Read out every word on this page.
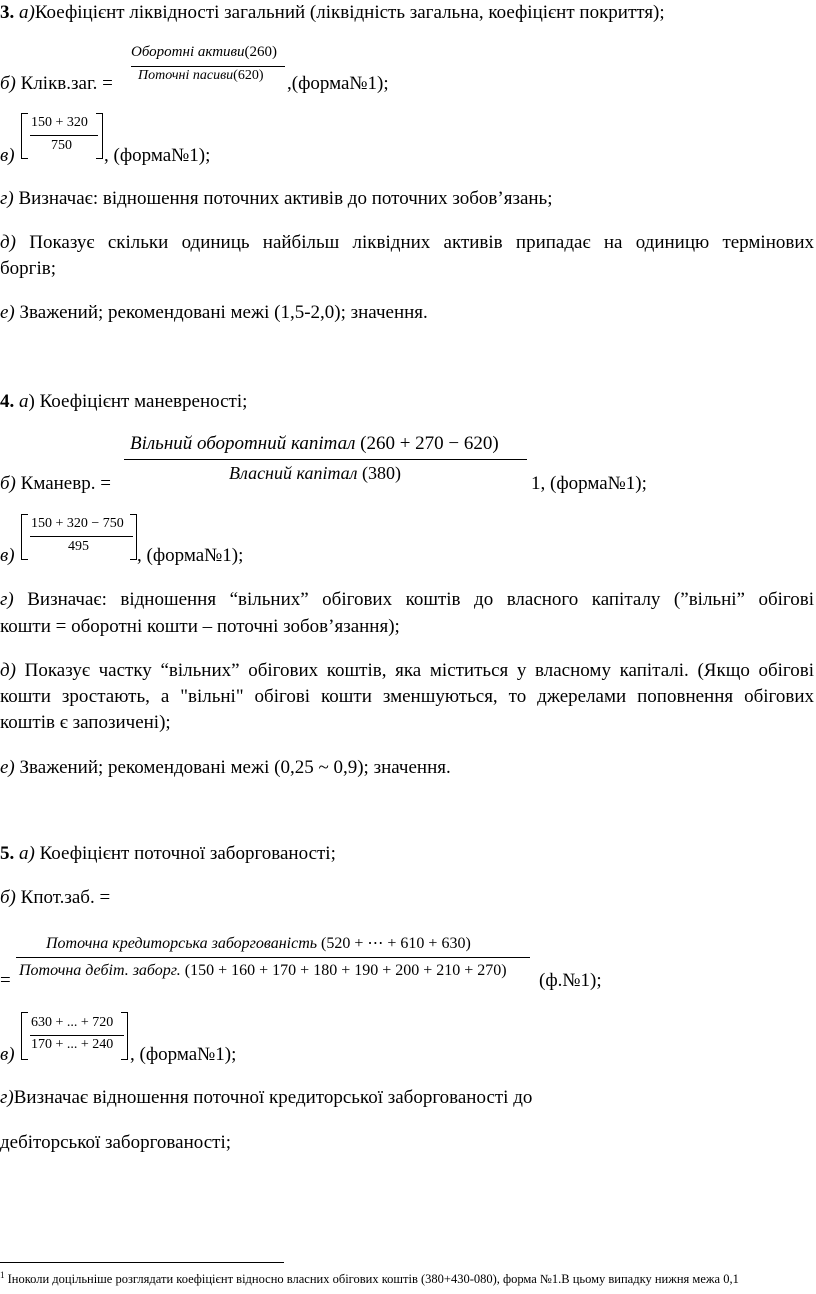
3. а)Коефіцієнт ліквідності загальний (ліквідність загальна, коефіцієнт покриття);
б) Клікв.заг. =
Оборотні активи(260)
Поточні пасиви(620) ,(форма№1);
в)
150 + 320
750 , (форма№1);
г) Визначає: відношення поточних активів до поточних зобов’язань;
д) Показує скільки одиниць найбільш ліквідних активів припадає на одиницю термінових
боргів;
е) Зважений; рекомендовані межі (1,5-2,0); значення.
4. а) Коефіцієнт маневреності;
Вільний оборотний капітал (260 + 270 − 620)
Власний капітал (380)
б) Кманевр. =	1, (форма№1);
в)
150 + 320 − 750
495	, (форма№1);
г) Визначає: відношення “вільних” обігових коштів до власного капіталу (”вільні” обігові
кошти = оборотні кошти – поточні зобов’язання);
д) Показує частку “вільних” обігових коштів, яка міститься у власному капіталі. (Якщо обігові
кошти зростають, а "вільні" обігові кошти зменшуються, то джерелами поповнення обігових
коштів є запозичені);
е) Зважений; рекомендовані межі (0,25 ~ 0,9); значення.
5. а) Коефіцієнт поточної заборгованості;
б) Кпот.заб. =
Поточна кредиторська заборгованість (520 + ⋯ + 610 + 630)
= Поточна дебіт. заборг. (150 + 160 + 170 + 180 + 190 + 200 + 210 + 270) (ф.№1);
в)
630 + ... + 720
170 + ... + 240 , (форма№1);
г)Визначає відношення поточної кредиторської заборгованості до
дебіторської заборгованості;
$^1$ Іноколи доцільніше розглядати коефіцієнт відносно власних обігових коштів (380+430-080), форма №1.В цьому випадку нижня межа 0,1
